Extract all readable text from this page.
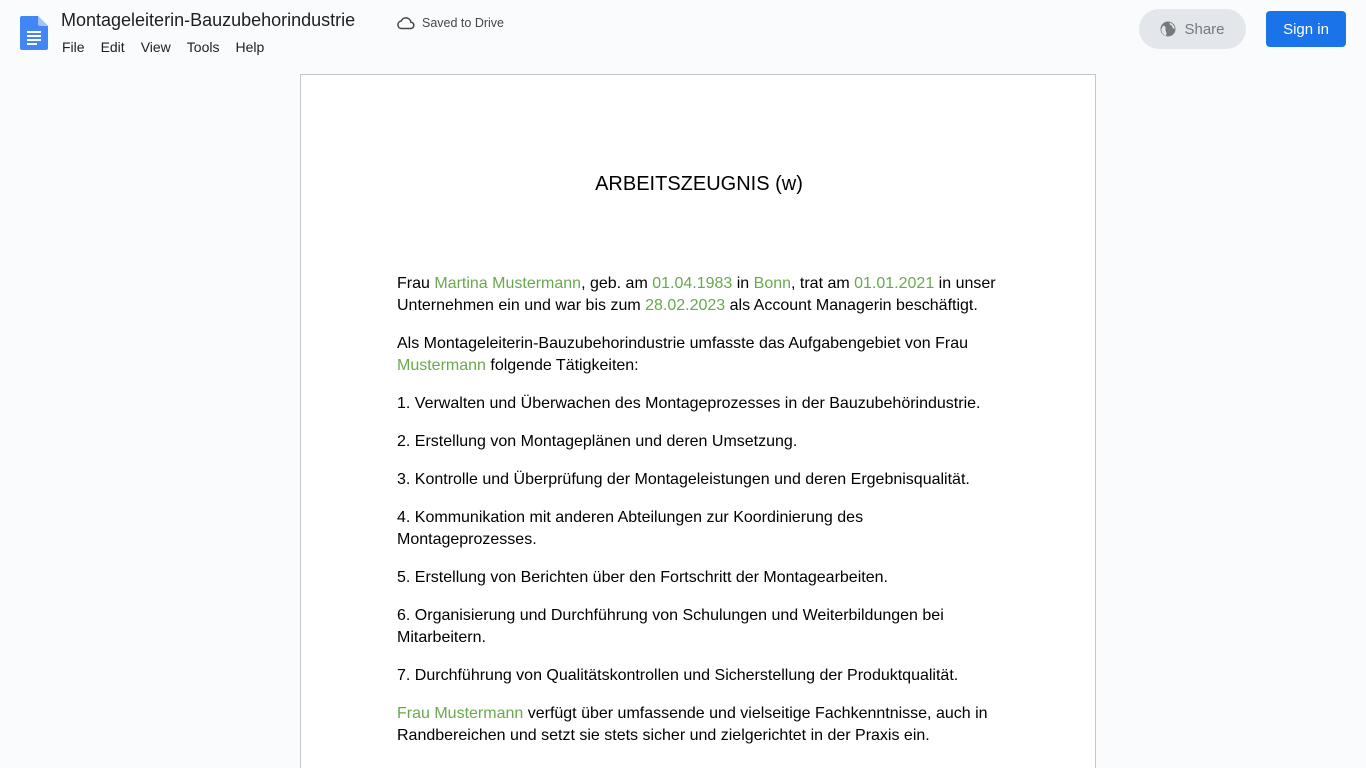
Montageleiterin-Bauzubehorindustrie	Saved to Drive
File	Edit	View	Tools	Help
Share	Sign in
ARBEITSZEUGNIS (w)

Frau Martina Mustermann, geb. am 01.04.1983 in Bonn, trat am 01.01.2021 in unser Unternehmen ein und war bis zum 28.02.2023 als Account Managerin beschäftigt.

Als Montageleiterin-Bauzubehorindustrie umfasste das Aufgabengebiet von Frau Mustermann folgende Tätigkeiten:

1. Verwalten und Überwachen des Montageprozesses in der Bauzubehörindustrie.

2. Erstellung von Montageplänen und deren Umsetzung.

3. Kontrolle und Überprüfung der Montageleistungen und deren Ergebnisqualität.

4. Kommunikation mit anderen Abteilungen zur Koordinierung des Montageprozesses.

5. Erstellung von Berichten über den Fortschritt der Montagearbeiten.

6. Organisierung und Durchführung von Schulungen und Weiterbildungen bei Mitarbeitern.

7. Durchführung von Qualitätskontrollen und Sicherstellung der Produktqualität.

Frau Mustermann verfügt über umfassende und vielseitige Fachkenntnisse, auch in Randbereichen und setzt sie stets sicher und zielgerichtet in der Praxis ein.
